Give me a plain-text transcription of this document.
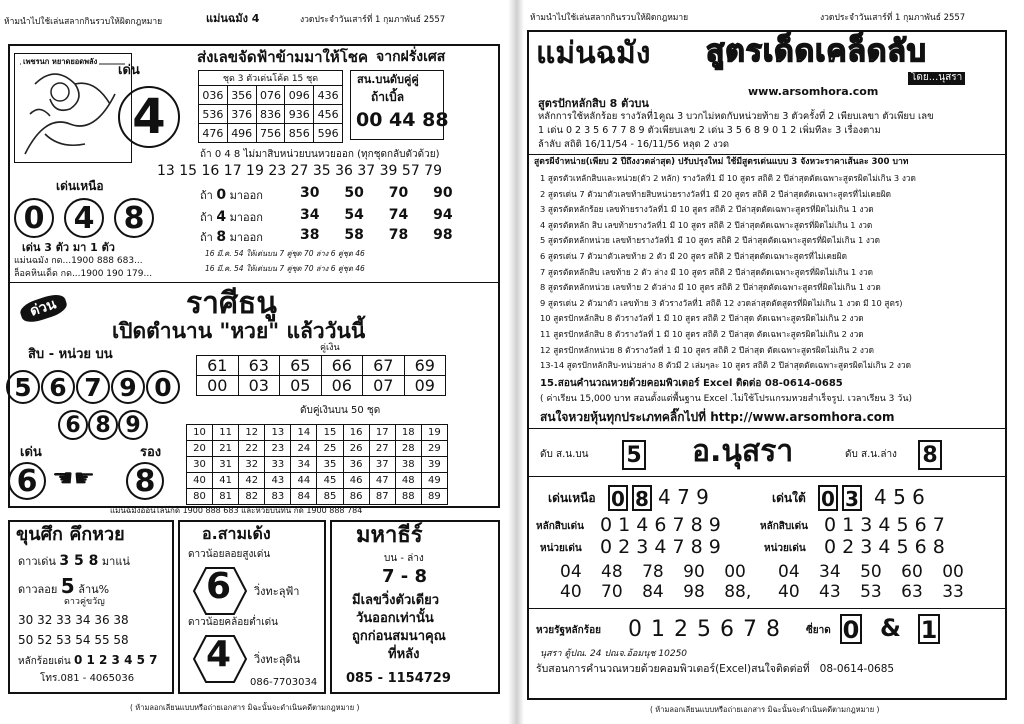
ห้ามนำไปใช้เล่นสลากกินรวบให้ผิดกฎหมาย	แม่นฉมัง 4	งวดประจำวันเสาร์ที่ 1 กุมภาพันธ์ 2557
เพชรนก หยาดยอดพลัง
เด่น
4
ส่งเลขจัดฟ้าข้ามมาให้โชค
ชุด 3 ตัวเด่นโค้ด 15 ชุด				
036	356	076	096	436
536	376	836	936	456
476	496	756	856	596
จากฝรั่งเศส
สน.บนดับคู่คู่
ถ้าเบิ้ล
00 44 88
ถ้า 0 4 8 ไม่มาสิบหน่วยบนหวยออก (ทุกชุดกลับตัวด้วย)
13 15 16 17 19 23 27 35 36 37 39 57 79
เด่นเหนือ
0 4 8
เด่น 3 ตัว มา 1 ตัว
แม่นฉมัง กด...1900 888 683...
ล็อคหินเด็ด กด...1900 190 179...
ถ้า 0 มาออก	30 50 70 90
ถ้า 4 มาออก	34 54 74 94
ถ้า 8 มาออก	38 58 78 98
16 มี.ค. 54 ให้เด่นบน 7 คู่ชุด 70 ล่าง 6 คู่ชุด 46
16 มี.ค. 54 ให้เด่นบน 7 คู่ชุด 70 ล่าง 6 คู่ชุด 46
ด่วน	ราศีธนู
เปิดตำนาน "หวย" แล้ววันนี้
คู่เงิน
สิบ - หน่วย บน
5 6 7 9 0
6 8 9
61	63	65	66	67	69
00	03	05	06	07	09
ดับคู่เงินบน 50 ชุด
10	11	12	13	14	15	16	17	18	19
20	21	22	23	24	25	26	27	28	29
30	31	32	33	34	35	36	37	38	39
40	41	42	43	44	45	46	47	48	49
80	81	82	83	84	85	86	87	88	89
เด่น	รอง
6 ☚☛ 8
แม่นฉมังออนไลน์กด 1900 888 683 และหวยบนทิน กด 1900 888 784
ขุนศึก คึกหวย
ดาวเด่น 3 5 8 มาแน่
ดาวลอย 5 ล้าน%
ดาวคู่ขวัญ
30 32 33 34 36 38
50 52 53 54 55 58
หลักร้อยเด่น 0 1 2 3 4 5 7
โทร.081 - 4065036
อ.สามเด้ง
ดาวน้อยลอยสูงเด่น
6 วิ่งทะลุฟ้า
ดาวน้อยคล้อยต่ำเด่น
4 วิ่งทะลุดิน
086-7703034
มหาธีร์
บน - ล่าง
7 - 8
มีเลขวิ่งตัวเดียว
วันออกเท่านั้น
ถูกก่อนสมนาคุณ
ที่หลัง
085 - 1154729
( ห้ามลอกเลียนแบบหรือถ่ายเอกสาร มิฉะนั้นจะดำเนินคดีตามกฎหมาย )
ห้ามนำไปใช้เล่นสลากกินรวบให้ผิดกฎหมาย	งวดประจำวันเสาร์ที่ 1 กุมภาพันธ์ 2557
แม่นฉมัง สูตรเด็ดเคล็ดลับ
โดย...นุสรา
www.arsomhora.com
สูตรปักหลักสิบ 8 ตัวบน
หลักการใช้หลักร้อย รางวัลที่1คูณ 3 บวกไม่หดกับหน่วยท้าย 3 ตัวครั้งที่ 2 เพียบเลขา ตัวเพียบ เลข
1 เด่น 0 2 3 5 6 7 7 8 9 ตัวเพียบเลข 2 เด่น 3 5 6 8 9 0 1 2 เพิ่มทีละ 3 เรื่องตาม
ล้าลับ สถิติ 16/11/54 - 16/11/56 หลุด 2 งวด
สูตรผีจำหน่าย(เพียบ 2 ปีถึงงวดล่าสุด) ปรับปรุงใหม่ ใช้มีสูตรเด่นแบบ 3 จังหวะราคาเส้นละ 300 บาท
1 สูตรตัวเหลักสิบและหน่วย(ตัว 2 หลัก) รางวัลที่1 มี 10 สูตร สถิติ 2 ปีล่าสุดตัดเฉพาะสูตรผิดไม่เกิน 3 งวด
2 สูตรเด่น 7 ตัวมาตัวเลขท้ายสิบหน่วยรางวัลที่1 มี 20 สูตร สถิติ 2 ปีล่าสุดตัดเฉพาะสูตรที่ไม่เคยผิด
3 สูตรตัดหลักร้อย เลขท้ายรางวัลที่1 มี 10 สูตร สถิติ 2 ปีล่าสุดตัดเฉพาะสูตรที่ผิดไม่เกิน 1 งวด
4 สูตรตัดหลัก สิบ เลขท้ายรางวัลที่1 มี 10 สูตร สถิติ 2 ปีล่าสุดตัดเฉพาะสูตรที่ผิดไม่เกิน 1 งวด
5 สูตรตัดหลักหน่วย เลขท้ายรางวัลที่1 มี 10 สูตร สถิติ 2 ปีล่าสุดตัดเฉพาะสูตรที่ผิดไม่เกิน 1 งวด
6 สูตรเด่น 7 ตัวมาตัวเลขท้าย 2 ตัว มี 20 สูตร สถิติ 2 ปีล่าสุดตัดเฉพาะสูตรที่ไม่เคยผิด
7 สูตรตัดหลักสิบ เลขท้าย 2 ตัว ล่าง มี 10 สูตร สถิติ 2 ปีล่าสุดตัดเฉพาะสูตรที่ผิดไม่เกิน 1 งวด
8 สูตรตัดหลักหน่วย เลขท้าย 2 ตัวล่าง มี 10 สูตร สถิติ 2 ปีล่าสุดตัดเฉพาะสูตรที่ผิดไม่เกิน 1 งวด
9 สูตรเด่น 2 ตัวมาตัว เลขท้าย 3 ตัวรางวัลที่1 สถิติ 12 งวดล่าสุดตัดสูตรที่ผิดไม่เกิน 1 งวด มี 10 สูตร)
10 สูตรปักหลักสิบ 8 ตัวรางวัลที่ 1 มี 10 สูตร สถิติ 2 ปีล่าสุด ตัดเฉพาะสูตรผิดไม่เกิน 2 งวด
11 สูตรปักหลักสิบ 8 ตัวรางวัลที่ 1 มี 10 สูตร สถิติ 2 ปีล่าสุด ตัดเฉพาะสูตรผิดไม่เกิน 2 งวด
12 สูตรปักหลักหน่วย 8 ตัวรางวัลที่ 1 มี 10 สูตร สถิติ 2 ปีล่าสุด ตัดเฉพาะสูตรผิดไม่เกิน 2 งวด
13-14 สูตรปักหลักสิบ-หน่วยล่าง 8 ตัวมี 2 เล่มๆละ 10 สูตร สถิติ 2 ปีล่าสุดตัดเฉพาะสูตรผิดไม่เกิน 2 งวด
15.สอนคำนวณหวยด้วยคอมพิวเตอร์ Excel ติดต่อ 08-0614-0685
( ค่าเรียน 15,000 บาท สอนตั้งแต่พื้นฐาน Excel .ไม่ใช้โปรแกรมหวยสำเร็จรูป. เวลาเรียน 3 วัน)
สนใจหวยหุ้นทุกประเภทคลิ๊กไปที่ http://www.arsomhora.com
ดับ ส.น.บน 5 อ.นุสรา	ดับ ส.น.ล่าง 8
เด่นเหนือ 0 8 4 7 9
หลักสิบเด่น 0 1 4 6 7 8 9
หน่วยเด่น 0 2 3 4 7 8 9
04 48 78 90 00
40 70 84 98 88,
เด่นใต้ 0 3 4 5 6
หลักสิบเด่น 0 1 3 4 5 6 7
หน่วยเด่น 0 2 3 4 5 6 8
04 34 50 60 00
40 43 53 63 33
หวยรัฐหลักร้อย 0 1 2 5 6 7 8	ซี่ยาด 0 & 1
นุสรา ตู้ปณ. 24 ปณจ.อ้อมนุช 10250
รับสอนการคำนวณหวยด้วยคอมพิวเตอร์(Excel)สนใจติดต่อที่ 08-0614-0685
( ห้ามลอกเลียนแบบหรือถ่ายเอกสาร มิฉะนั้นจะดำเนินคดีตามกฎหมาย )
